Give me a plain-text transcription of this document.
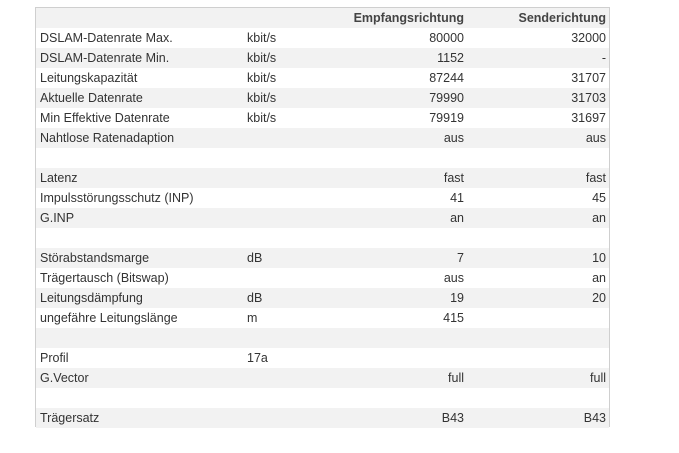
		Empfangsrichtung	Senderichtung
DSLAM-Datenrate Max.	kbit/s	80000	32000
DSLAM-Datenrate Min.	kbit/s	1152	-
Leitungskapazität	kbit/s	87244	31707
Aktuelle Datenrate	kbit/s	79990	31703
Min Effektive Datenrate	kbit/s	79919	31697
Nahtlose Ratenadaption		aus	aus

Latenz		fast	fast
Impulsstörungsschutz (INP)		41	45
G.INP		an	an

Störabstandsmarge	dB	7	10
Trägertausch (Bitswap)		aus	an
Leitungsdämpfung	dB	19	20
ungefähre Leitungslänge	m	415	

Profil	17a		
G.Vector		full	full

Trägersatz		B43	B43
